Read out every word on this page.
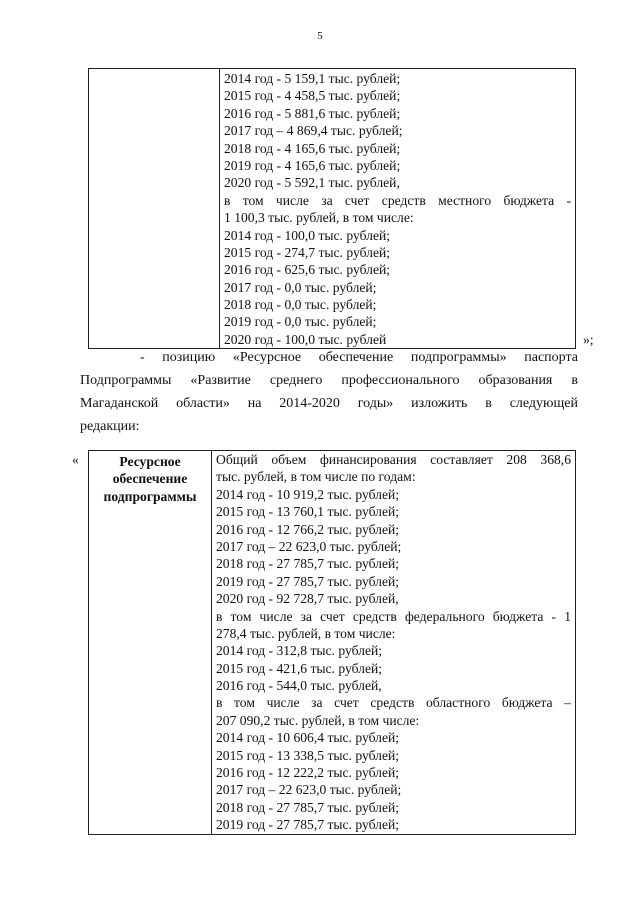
5

2014 год - 5 159,1 тыс. рублей;
2015 год - 4 458,5 тыс. рублей;
2016 год - 5 881,6 тыс. рублей;
2017 год – 4 869,4 тыс. рублей;
2018 год - 4 165,6 тыс. рублей;
2019 год - 4 165,6 тыс. рублей;
2020 год - 5 592,1 тыс. рублей,
в том числе за счет средств местного бюджета -
1 100,3 тыс. рублей, в том числе:
2014 год - 100,0 тыс. рублей;
2015 год - 274,7 тыс. рублей;
2016 год - 625,6 тыс. рублей;
2017 год - 0,0 тыс. рублей;
2018 год - 0,0 тыс. рублей;
2019 год - 0,0 тыс. рублей;
2020 год - 100,0 тыс. рублей	»;
- позицию «Ресурсное обеспечение подпрограммы» паспорта
Подпрограммы «Развитие среднего профессионального образования в
Магаданской области» на 2014-2020 годы» изложить в следующей
редакции:
«	Ресурсное
обеспечение
подпрограммы

Общий объем финансирования составляет 208 368,6
тыс. рублей, в том числе по годам:
2014 год - 10 919,2 тыс. рублей;
2015 год - 13 760,1 тыс. рублей;
2016 год - 12 766,2 тыс. рублей;
2017 год – 22 623,0 тыс. рублей;
2018 год - 27 785,7 тыс. рублей;
2019 год - 27 785,7 тыс. рублей;
2020 год - 92 728,7 тыс. рублей,
в том числе за счет средств федерального бюджета - 1
278,4 тыс. рублей, в том числе:
2014 год - 312,8 тыс. рублей;
2015 год - 421,6 тыс. рублей;
2016 год - 544,0 тыс. рублей,
в том числе за счет средств областного бюджета –
207 090,2 тыс. рублей, в том числе:
2014 год - 10 606,4 тыс. рублей;
2015 год - 13 338,5 тыс. рублей;
2016 год - 12 222,2 тыс. рублей;
2017 год – 22 623,0 тыс. рублей;
2018 год - 27 785,7 тыс. рублей;
2019 год - 27 785,7 тыс. рублей;
